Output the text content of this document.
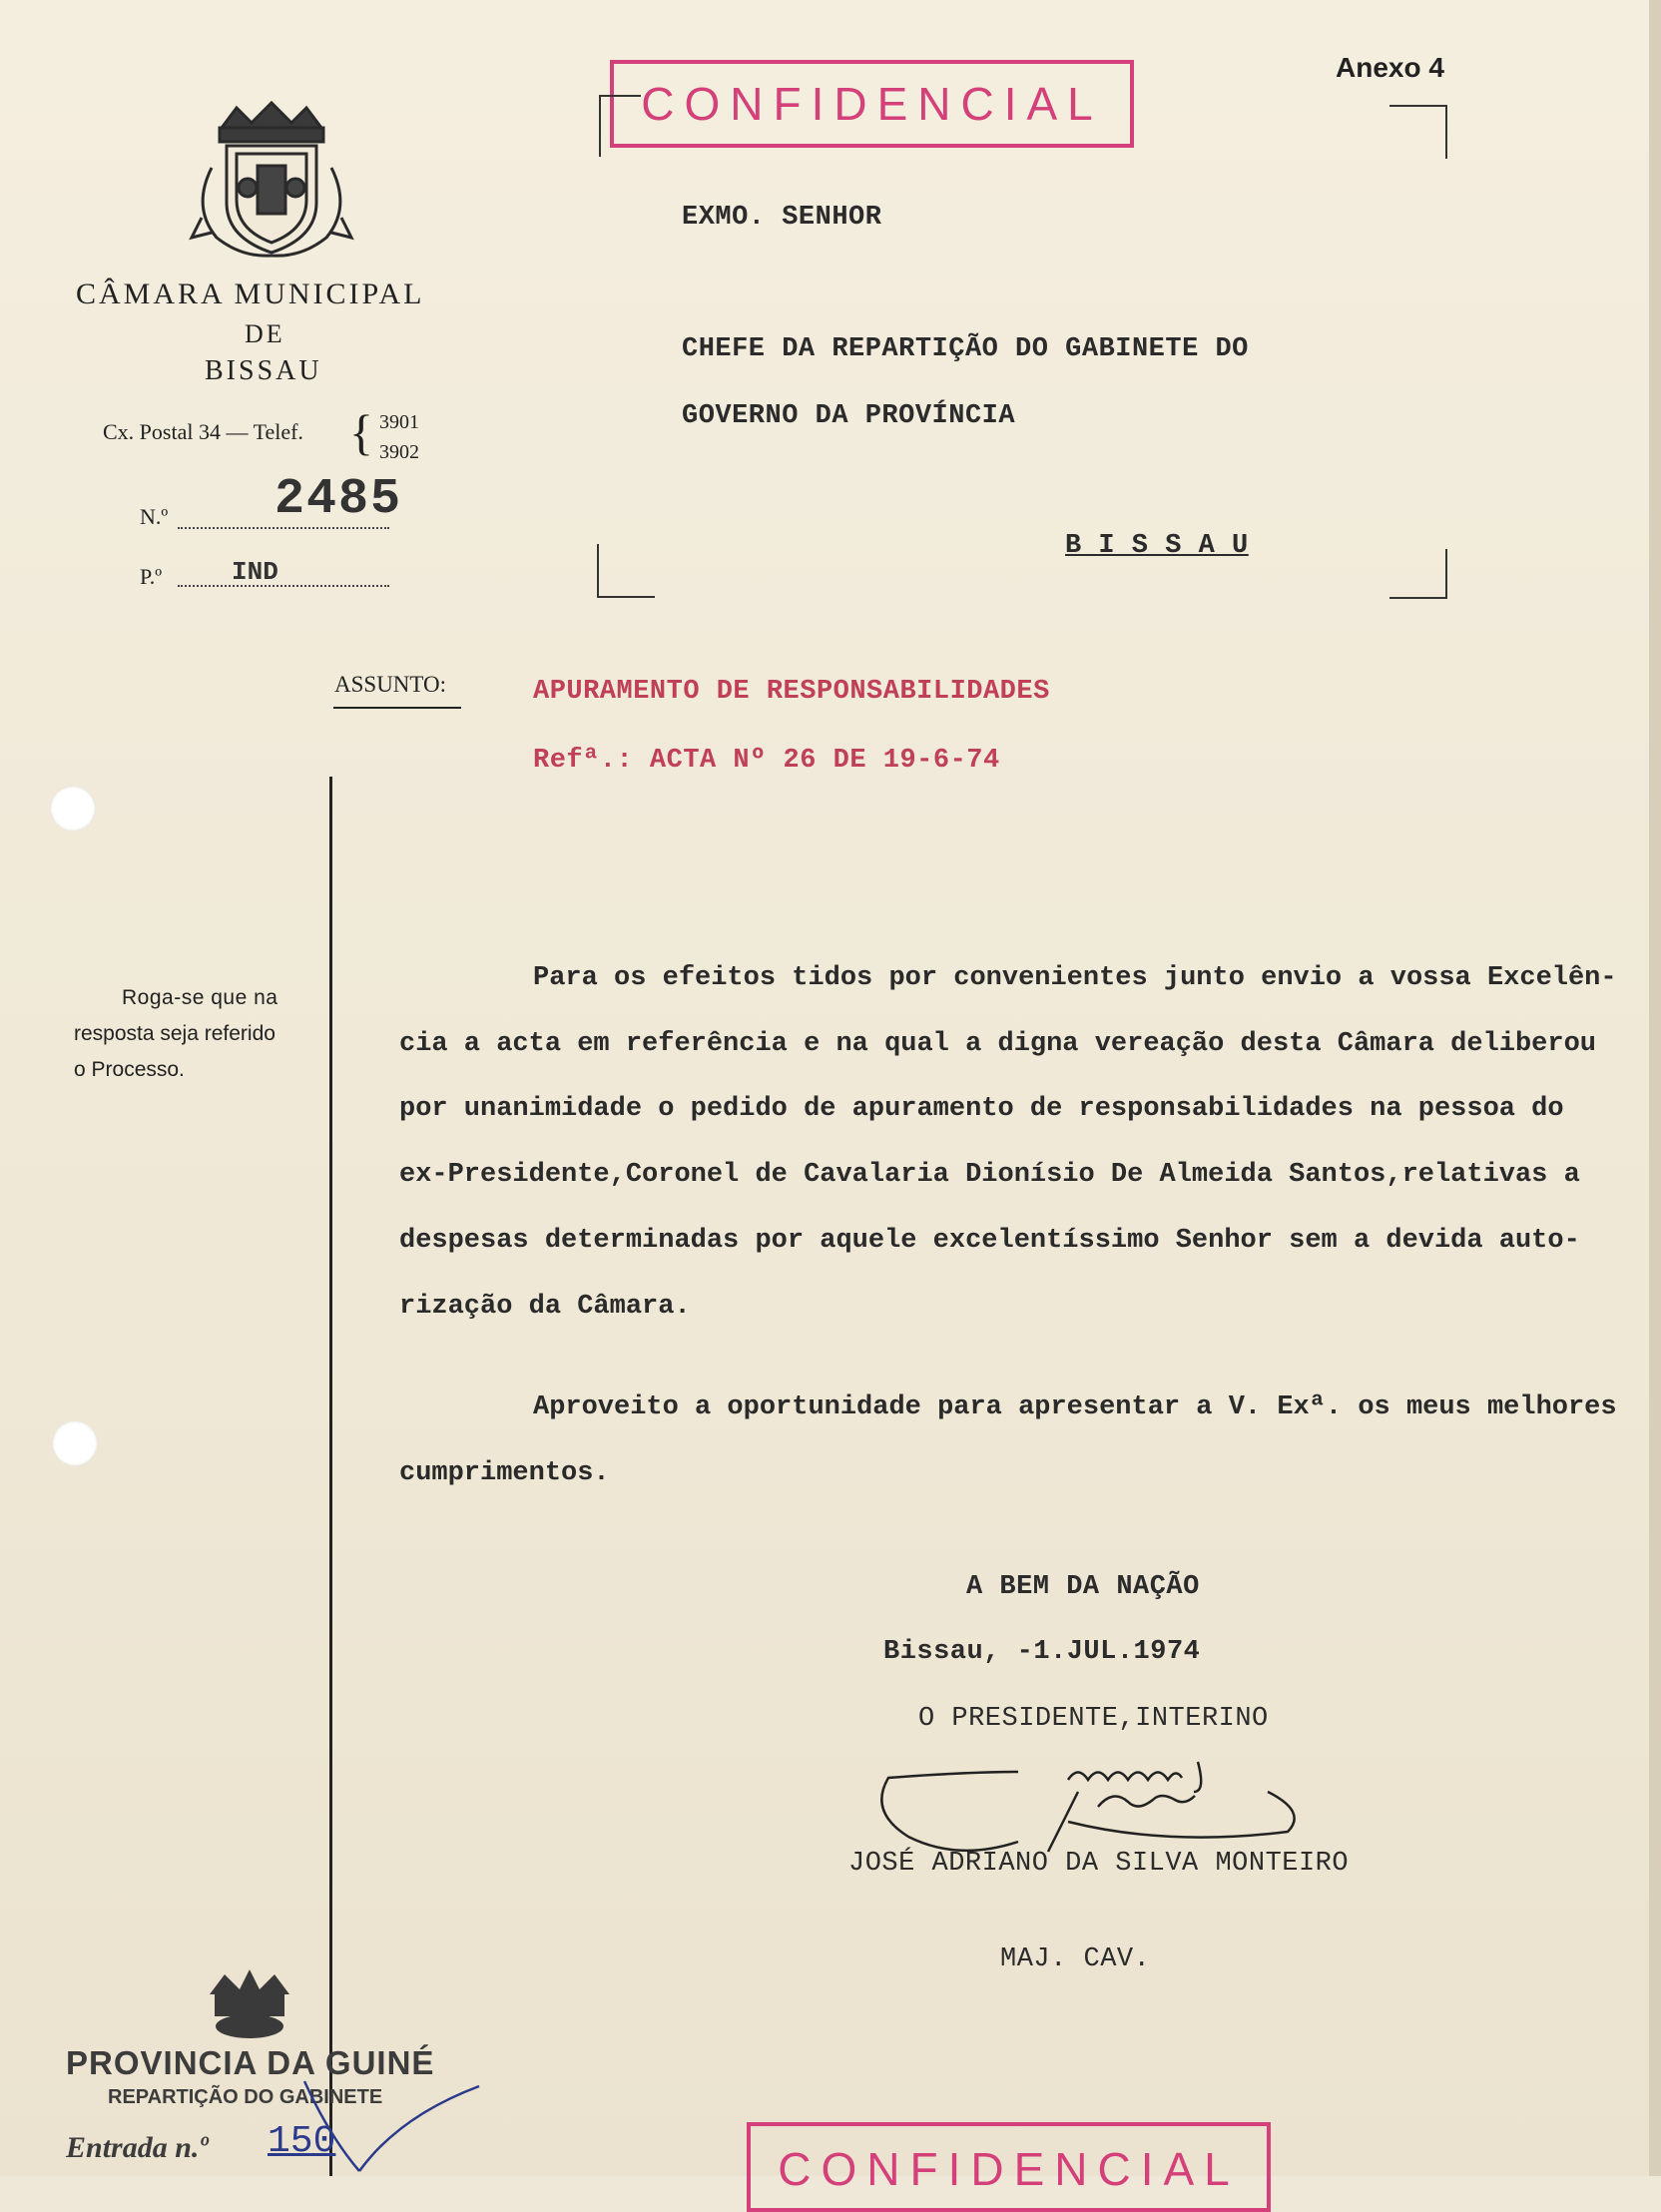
Anexo 4
CONFIDENCIAL
CÂMARA MUNICIPAL
DE
BISSAU
Cx. Postal 34 — Telef. { 3901
3902
N.º 2485
P.º	IND
EXMO. SENHOR
CHEFE DA REPARTIÇÃO DO GABINETE DO
GOVERNO DA PROVÍNCIA
B I S S A U
ASSUNTO:	APURAMENTO DE RESPONSABILIDADES
Refª.: ACTA Nº 26 DE 19-6-74
Roga-se que na
resposta seja referido
o Processo.
Para os efeitos tidos por convenientes junto envio a vossa Excelên-
cia a acta em referência e na qual a digna vereação desta Câmara deliberou
por unanimidade o pedido de apuramento de responsabilidades na pessoa do
ex-Presidente,Coronel de Cavalaria Dionísio De Almeida Santos,relativas a
despesas determinadas por aquele excelentíssimo Senhor sem a devida auto-
rização da Câmara.
Aproveito a oportunidade para apresentar a V. Exª. os meus melhores
cumprimentos.
A BEM DA NAÇÃO
Bissau, -1.JUL.1974
O PRESIDENTE,INTERINO
JOSÉ ADRIANO DA SILVA MONTEIRO
MAJ. CAV.
PROVINCIA DA GUINÉ
REPARTIÇÃO DO GABINETE
Entrada n.º 150
CONFIDENCIAL
